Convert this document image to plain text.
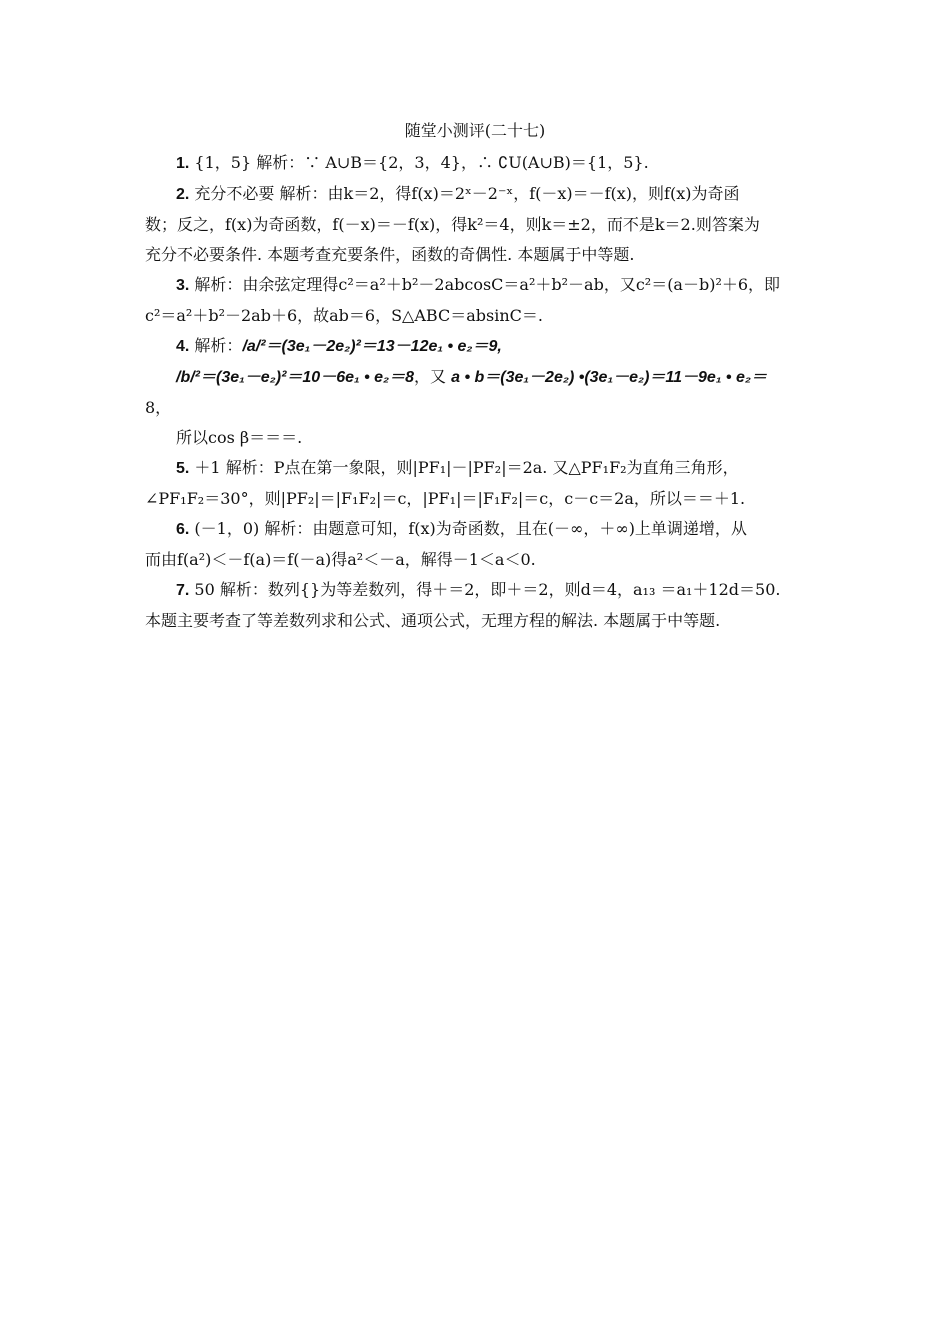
随堂小测评(二十七)

1. {1，5} 解析：∵ A∪B＝{2，3，4}，∴ ∁U(A∪B)＝{1，5}.

2. 充分不必要 解析：由k＝2，得f(x)＝2ˣ－2⁻ˣ，f(－x)＝－f(x)，则f(x)为奇函

数；反之，f(x)为奇函数，f(－x)＝－f(x)，得k²＝4，则k＝±2，而不是k＝2.则答案为

充分不必要条件. 本题考查充要条件，函数的奇偶性. 本题属于中等题.

3. 解析：由余弦定理得c²＝a²＋b²－2abcosC＝a²＋b²－ab，又c²＝(a－b)²＋6，即

c²＝a²＋b²－2ab＋6，故ab＝6，S△ABC＝absinC＝.

4. 解析：/a/²＝(3e₁－2e₂)²＝13－12e₁ • e₂＝9,

/b/²＝(3e₁－e₂)²＝10－6e₁ • e₂＝8，又 a • b＝(3e₁－2e₂) •(3e₁－e₂)＝11－9e₁ • e₂＝

8，

所以cos β＝＝＝.

5. ＋1 解析：P点在第一象限，则|PF₁|－|PF₂|＝2a. 又△PF₁F₂为直角三角形，

∠PF₁F₂＝30°，则|PF₂|＝|F₁F₂|＝c，|PF₁|＝|F₁F₂|＝c，c－c＝2a，所以＝＝＋1.

6. (－1，0) 解析：由题意可知，f(x)为奇函数，且在(－∞，＋∞)上单调递增，从

而由f(a²)＜－f(a)＝f(－a)得a²＜－a，解得－1＜a＜0.

7. 50 解析：数列{}为等差数列，得＋＝2，即＋＝2，则d＝4，a₁₃ ＝a₁＋12d＝50.

本题主要考查了等差数列求和公式、通项公式，无理方程的解法. 本题属于中等题.
